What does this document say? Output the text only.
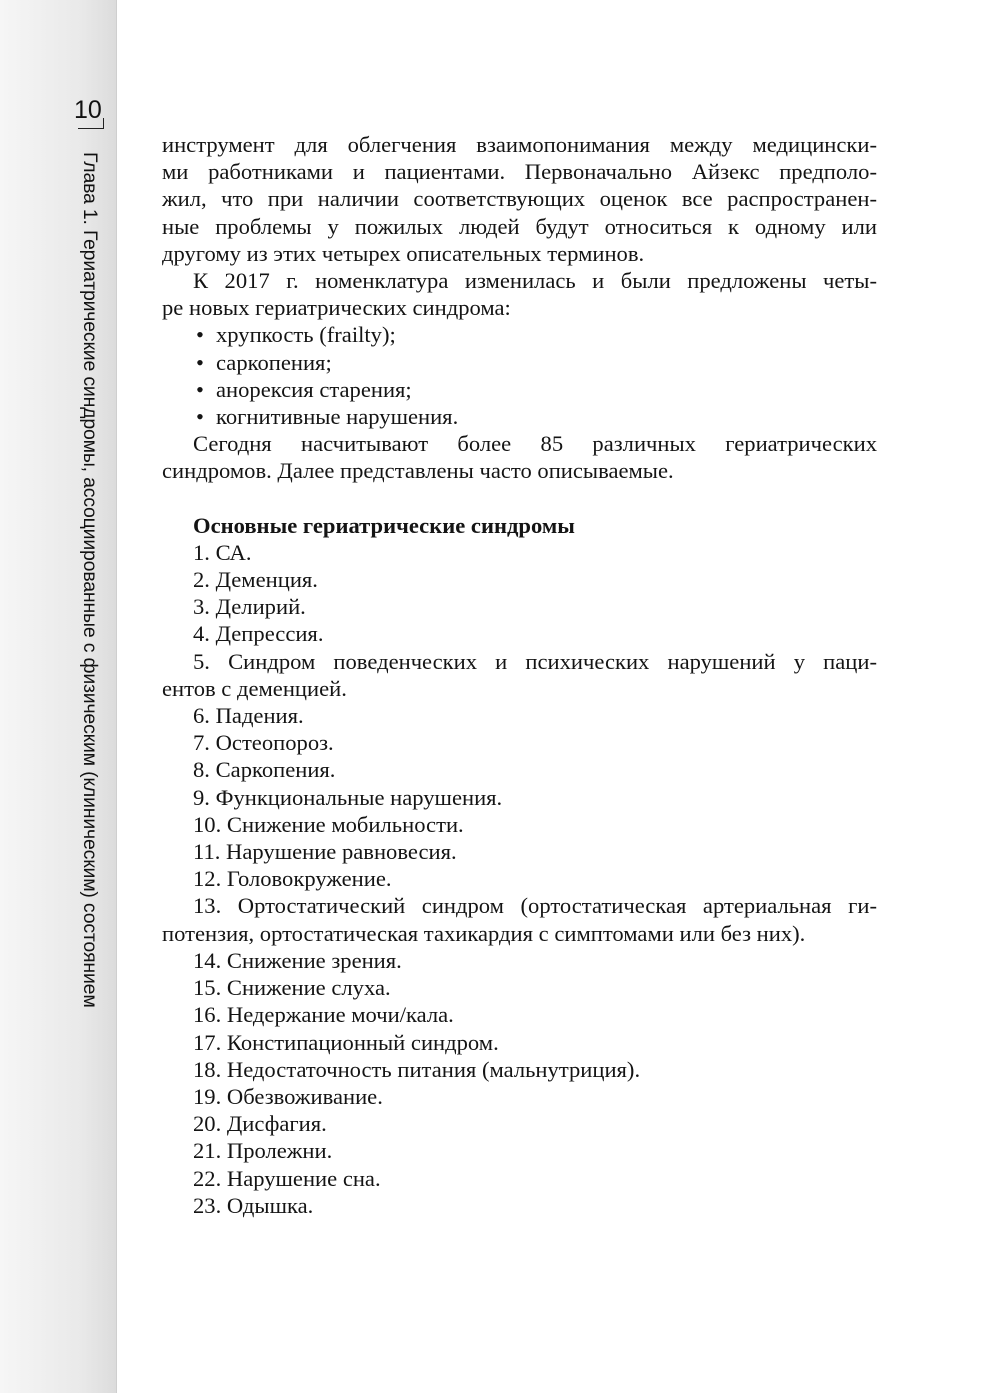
10
Глава 1. Гериатрические синдромы, ассоциированные с физическим (клиническим) состоянием

инструмент для облегчения взаимопонимания между медицински-

ми работниками и пациентами. Первоначально Айзекс предполо-

жил, что при наличии соответствующих оценок все распространен-

ные проблемы у пожилых людей будут относиться к одному или

другому из этих четырех описательных терминов.

К 2017 г. номенклатура изменилась и были предложены четы-

ре новых гериатрических синдрома:

• хрупкость (frailty);
• саркопения;
• анорексия старения;
• когнитивные нарушения.

Сегодня насчитывают более 85 различных гериатрических

синдромов. Далее представлены часто описываемые.

Основные гериатрические синдромы

1. СА.

2. Деменция.

3. Делирий.

4. Депрессия.

5. Синдром поведенческих и психических нарушений у паци-

ентов с деменцией.

6. Падения.

7. Остеопороз.

8. Саркопения.

9. Функциональные нарушения.

10. Снижение мобильности.

11. Нарушение равновесия.

12. Головокружение.

13. Ортостатический синдром (ортостатическая артериальная ги-

потензия, ортостатическая тахикардия с симптомами или без них).

14. Снижение зрения.

15. Снижение слуха.

16. Недержание мочи/кала.

17. Констипационный синдром.

18. Недостаточность питания (мальнутриция).

19. Обезвоживание.

20. Дисфагия.

21. Пролежни.

22. Нарушение сна.

23. Одышка.
